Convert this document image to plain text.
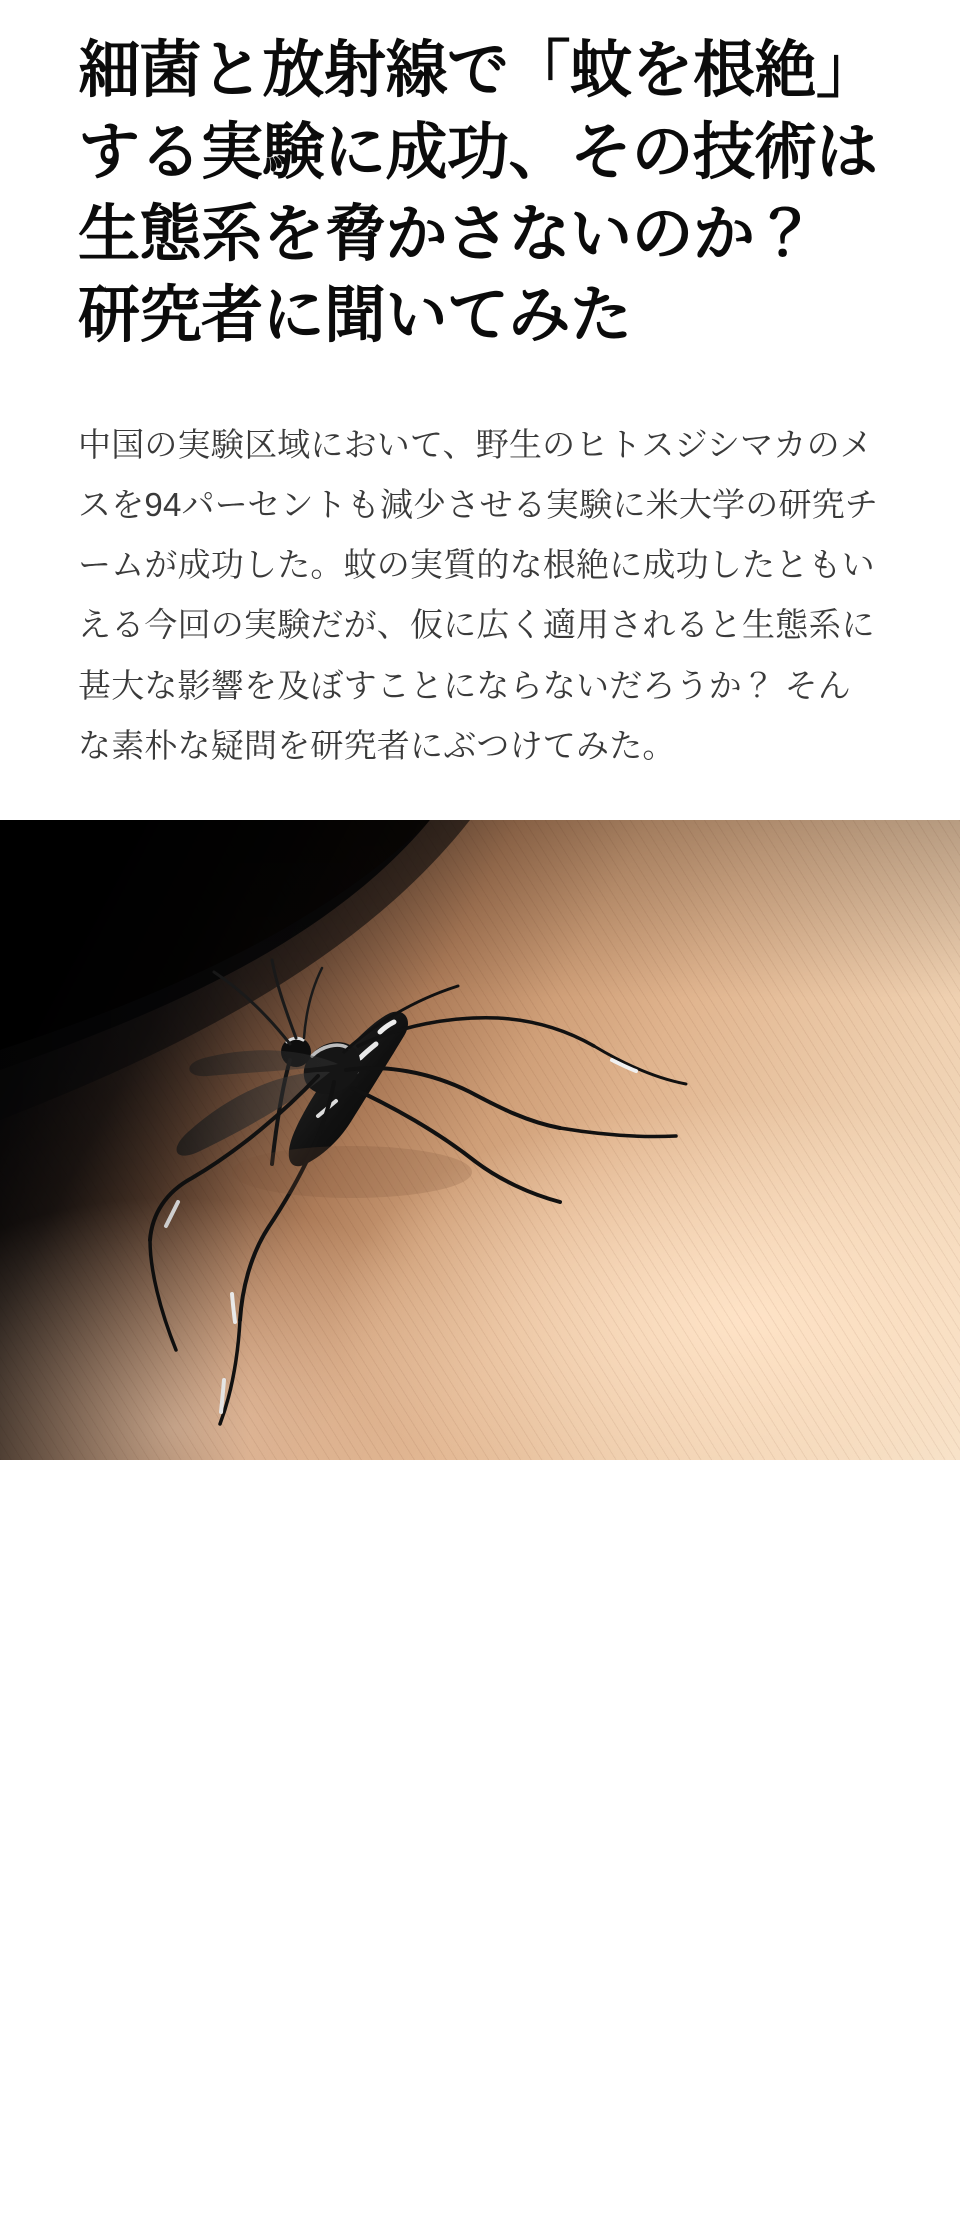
細菌と放射線で「蚊を根絶」する実験に成功、その技術は生態系を脅かさないのか？ 研究者に聞いてみた

中国の実験区域において、野生のヒトスジシマカのメスを94パーセントも減少させる実験に米大学の研究チームが成功した。蚊の実質的な根絶に成功したともいえる今回の実験だが、仮に広く適用されると生態系に甚大な影響を及ぼすことにならないだろうか？ そんな素朴な疑問を研究者にぶつけてみた。
